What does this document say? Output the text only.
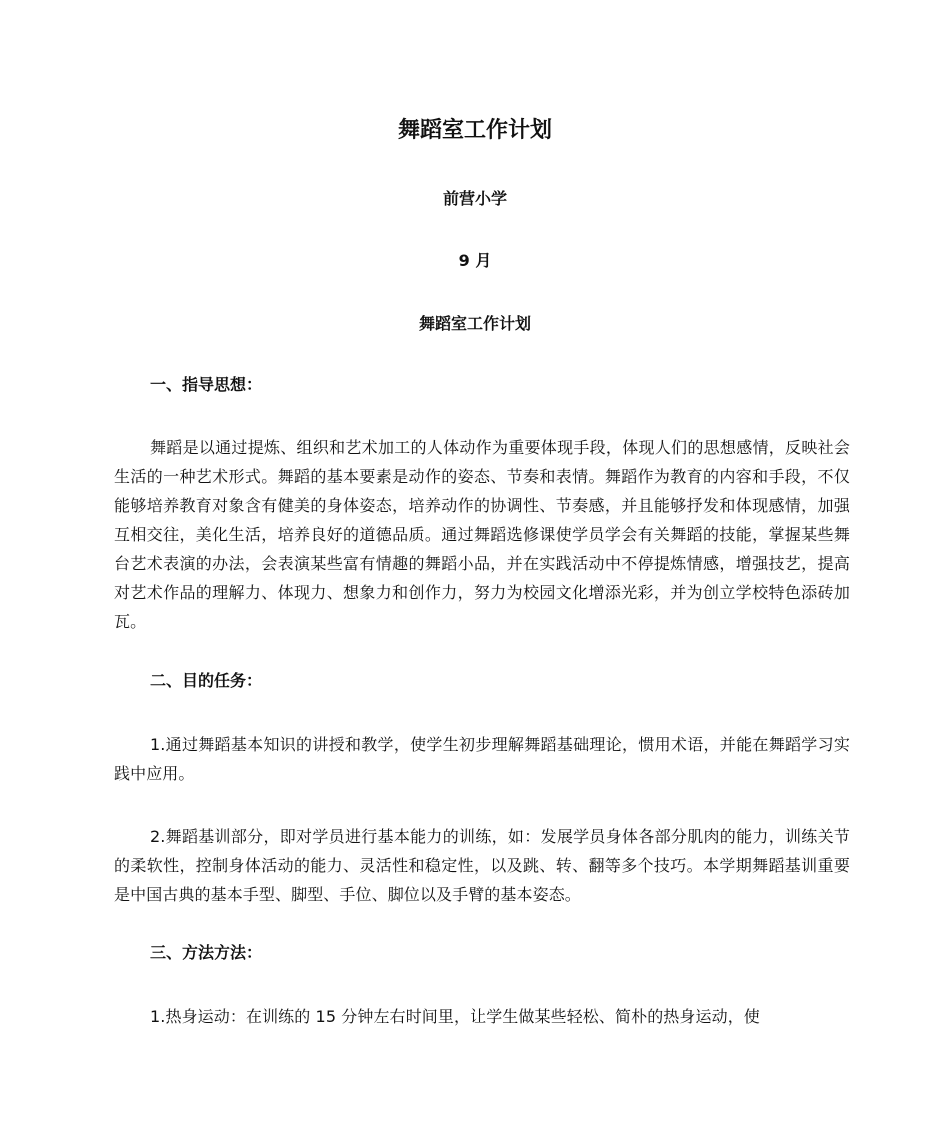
舞蹈室工作计划
前营小学
9 月
舞蹈室工作计划
一、指导思想：

舞蹈是以通过提炼、组织和艺术加工的人体动作为重要体现手段，体现人们的思想感情，反映社会生活的一种艺术形式。舞蹈的基本要素是动作的姿态、节奏和表情。舞蹈作为教育的内容和手段，不仅能够培养教育对象含有健美的身体姿态，培养动作的协调性、节奏感，并且能够抒发和体现感情，加强互相交往，美化生活，培养良好的道德品质。通过舞蹈选修课使学员学会有关舞蹈的技能，掌握某些舞台艺术表演的办法，会表演某些富有情趣的舞蹈小品，并在实践活动中不停提炼情感，增强技艺，提高对艺术作品的理解力、体现力、想象力和创作力，努力为校园文化增添光彩，并为创立学校特色添砖加瓦。

二、目的任务：

1.通过舞蹈基本知识的讲授和教学，使学生初步理解舞蹈基础理论，惯用术语，并能在舞蹈学习实践中应用。

2.舞蹈基训部分，即对学员进行基本能力的训练，如：发展学员身体各部分肌肉的能力，训练关节的柔软性，控制身体活动的能力、灵活性和稳定性，以及跳、转、翻等多个技巧。本学期舞蹈基训重要是中国古典的基本手型、脚型、手位、脚位以及手臂的基本姿态。

三、方法方法：

1.热身运动：在训练的 15 分钟左右时间里，让学生做某些轻松、简朴的热身运动，使
